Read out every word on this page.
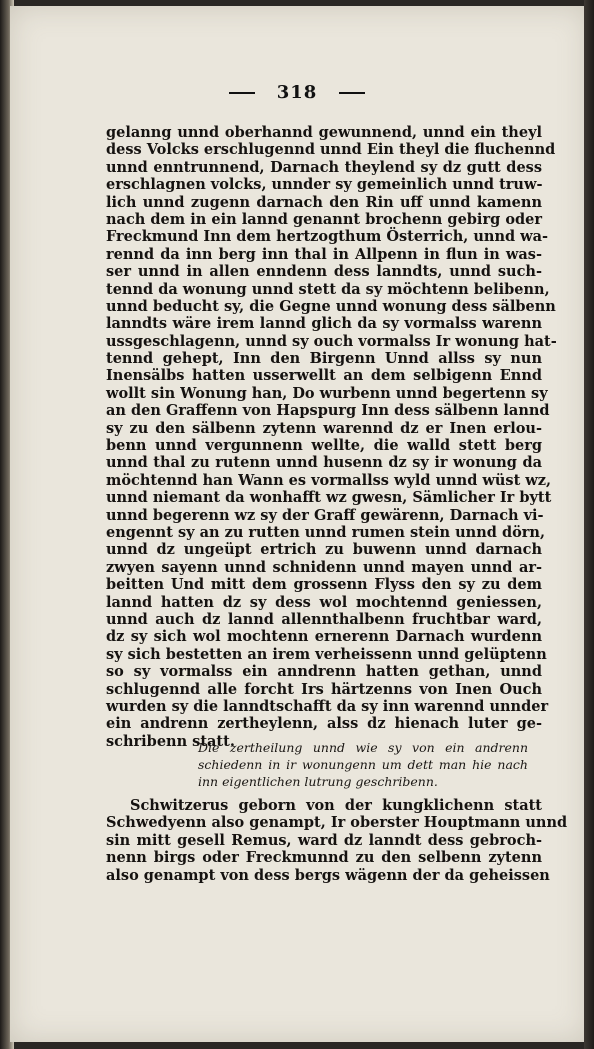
318
gelanng unnd oberhannd gewunnend, unnd ein theyl
dess Volcks erschlugennd unnd Ein theyl die fluchennd
unnd enntrunnend, Darnach theylend sy dz gutt dess
erschlagnen volcks, unnder sy gemeinlich unnd truw-
lich unnd zugenn darnach den Rin uff unnd kamenn
nach dem in ein lannd genannt brochenn gebirg oder
Freckmund Inn dem hertzogthum Österrich, unnd wa-
rennd da inn berg inn thal in Allpenn in flun in was-
ser unnd in allen enndenn dess lanndts, unnd such-
tennd da wonung unnd stett da sy möchtenn belibenn,
unnd beducht sy, die Gegne unnd wonung dess sälbenn
lanndts wäre irem lannd glich da sy vormalss warenn
ussgeschlagenn, unnd sy ouch vormalss Ir wonung hat-
tennd gehept, Inn den Birgenn Unnd allss sy nun
Inensälbs hatten usserwellt an dem selbigenn Ennd
wollt sin Wonung han, Do wurbenn unnd begertenn sy
an den Graffenn von Hapspurg Inn dess sälbenn lannd
sy zu den sälbenn zytenn warennd dz er Inen erlou-
benn unnd vergunnenn wellte, die walld stett berg
unnd thal zu rutenn unnd husenn dz sy ir wonung da
möchtennd han Wann es vormallss wyld unnd wüst wz,
unnd niemant da wonhafft wz gwesn, Sämlicher Ir bytt
unnd begerenn wz sy der Graff gewärenn, Darnach vi-
engennt sy an zu rutten unnd rumen stein unnd dörn,
unnd dz ungeüpt ertrich zu buwenn unnd darnach
zwyen sayenn unnd schnidenn unnd mayen unnd ar-
beitten Und mitt dem grossenn Flyss den sy zu dem
lannd hatten dz sy dess wol mochtennd geniessen,
unnd auch dz lannd allennthalbenn fruchtbar ward,
dz sy sich wol mochtenn ernerenn Darnach wurdenn
sy sich bestetten an irem verheissenn unnd gelüptenn
so sy vormalss ein anndrenn hatten gethan, unnd
schlugennd alle forcht Irs härtzenns von Inen Ouch
wurden sy die lanndtschafft da sy inn warennd unnder
ein andrenn zertheylenn, alss dz hienach luter ge-
schribenn statt.
Die zertheilung unnd wie sy von ein andrenn
schiedenn in ir wonungenn um dett man hie nach
inn eigentlichen lutrung geschribenn.
Schwitzerus geborn von der kungklichenn statt
Schwedyenn also genampt, Ir oberster Houptmann unnd
sin mitt gesell Remus, ward dz lanndt dess gebroch-
nenn birgs oder Freckmunnd zu den selbenn zytenn
also genampt von dess bergs wägenn der da geheissen
